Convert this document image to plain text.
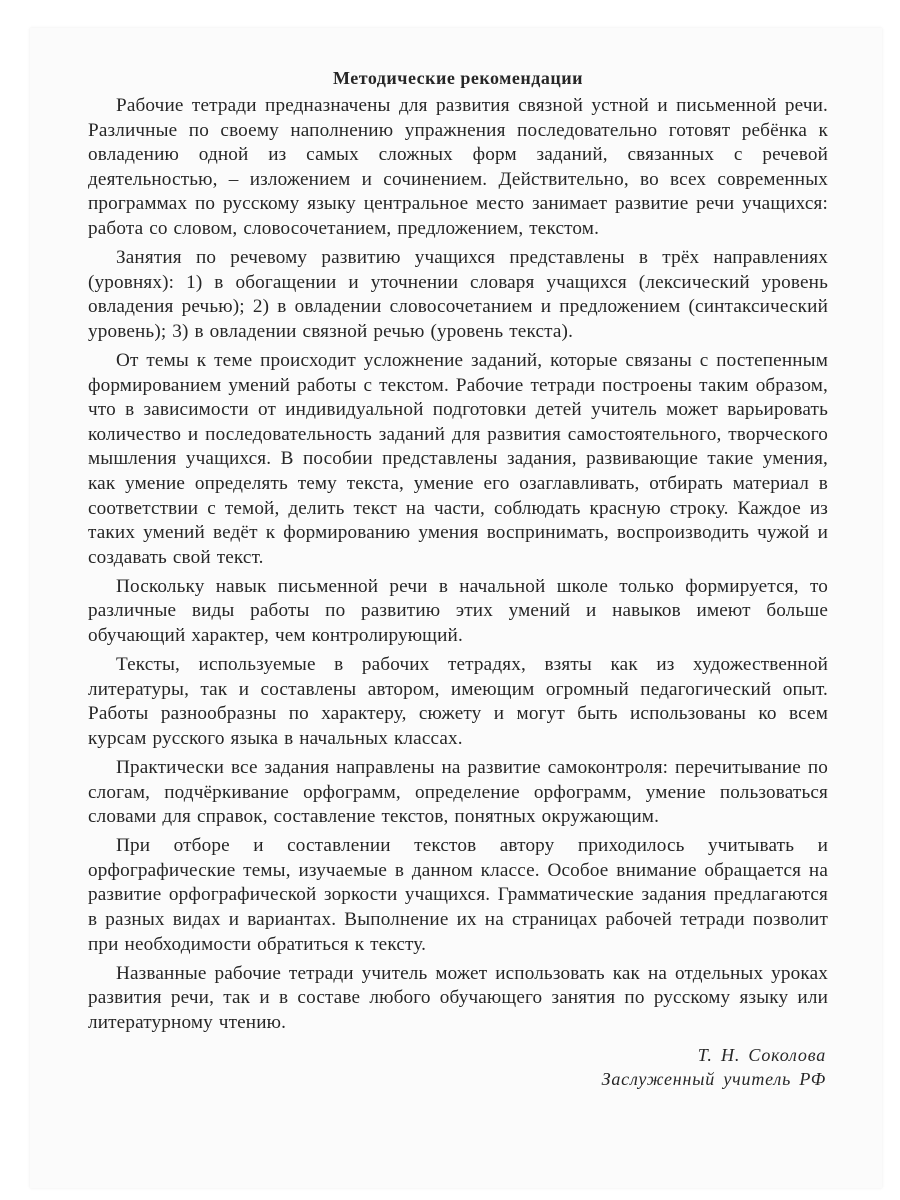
Методические рекомендации

Рабочие тетради предназначены для развития связной устной и письменной речи. Различные по своему наполнению упражнения последовательно готовят ребёнка к овладению одной из самых сложных форм заданий, связанных с речевой деятельностью, – изложением и сочинением. Действительно, во всех современных программах по русскому языку центральное место занимает развитие речи учащихся: работа со словом, словосочетанием, предложением, текстом.

Занятия по речевому развитию учащихся представлены в трёх направлениях (уровнях): 1) в обогащении и уточнении словаря учащихся (лексический уровень овладения речью); 2) в овладении словосочетанием и предложением (синтаксический уровень); 3) в овладении связной речью (уровень текста).

От темы к теме происходит усложнение заданий, которые связаны с постепенным формированием умений работы с текстом. Рабочие тетради построены таким образом, что в зависимости от индивидуальной подготовки детей учитель может варьировать количество и последовательность заданий для развития самостоятельного, творческого мышления учащихся. В пособии представлены задания, развивающие такие умения, как умение определять тему текста, умение его озаглавливать, отбирать материал в соответствии с темой, делить текст на части, соблюдать красную строку. Каждое из таких умений ведёт к формированию умения воспринимать, воспроизводить чужой и создавать свой текст.

Поскольку навык письменной речи в начальной школе только формируется, то различные виды работы по развитию этих умений и навыков имеют больше обучающий характер, чем контролирующий.

Тексты, используемые в рабочих тетрадях, взяты как из художественной литературы, так и составлены автором, имеющим огромный педагогический опыт. Работы разнообразны по характеру, сюжету и могут быть использованы ко всем курсам русского языка в начальных классах.

Практически все задания направлены на развитие самоконтроля: перечитывание по слогам, подчёркивание орфограмм, определение орфограмм, умение пользоваться словами для справок, составление текстов, понятных окружающим.

При отборе и составлении текстов автору приходилось учитывать и орфографические темы, изучаемые в данном классе. Особое внимание обращается на развитие орфографической зоркости учащихся. Грамматические задания предлагаются в разных видах и вариантах. Выполнение их на страницах рабочей тетради позволит при необходимости обратиться к тексту.

Названные рабочие тетради учитель может использовать как на отдельных уроках развития речи, так и в составе любого обучающего занятия по русскому языку или литературному чтению.

Т. Н. Соколова

Заслуженный учитель РФ
